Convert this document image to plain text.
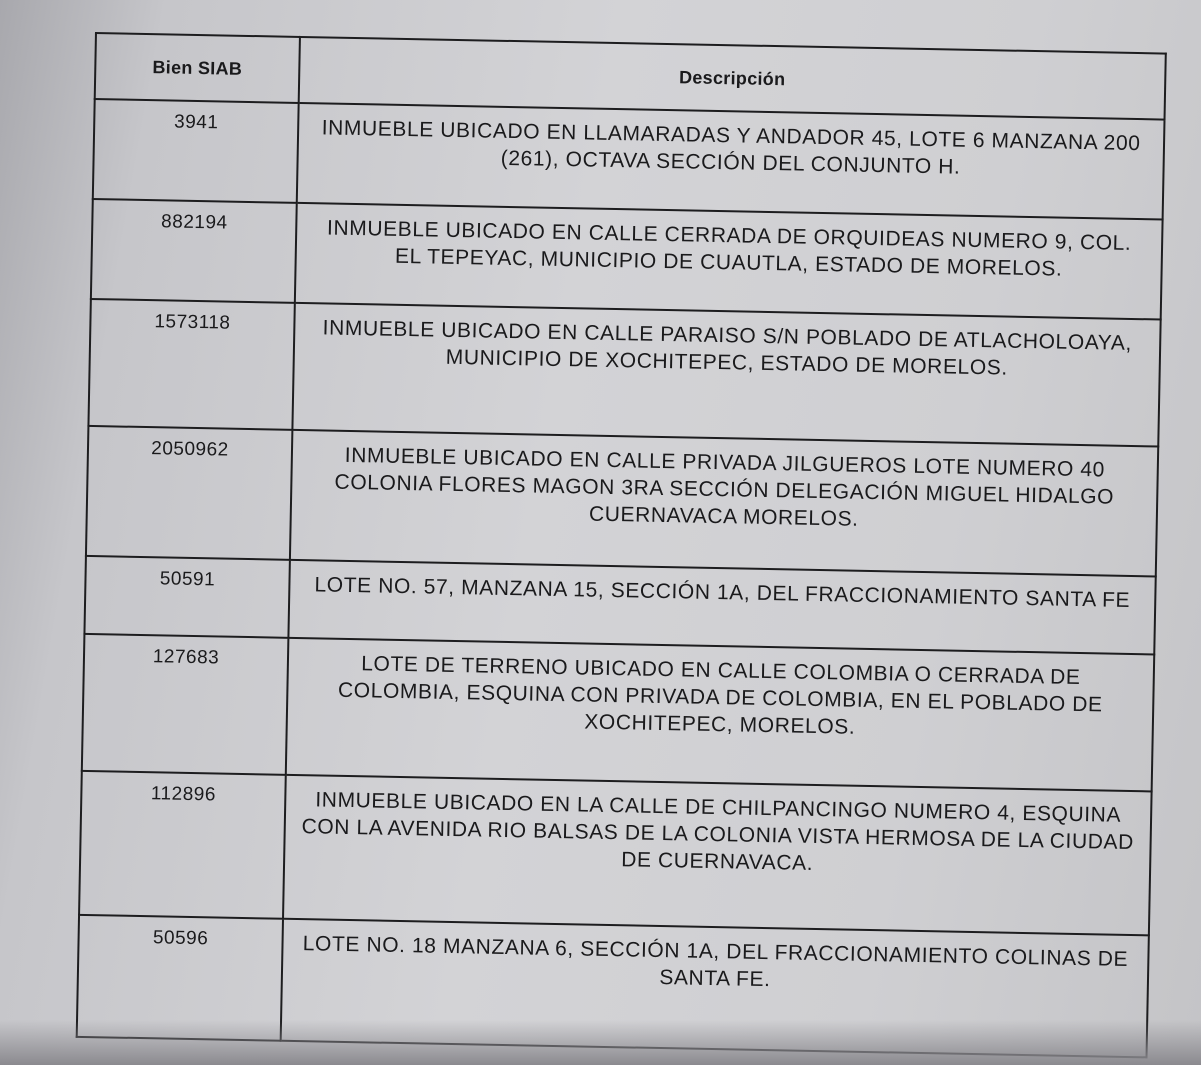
Bien SIAB	Descripción
3941	INMUEBLE UBICADO EN LLAMARADAS Y ANDADOR 45, LOTE 6 MANZANA 200 (261), OCTAVA SECCIÓN DEL CONJUNTO H.
882194	INMUEBLE UBICADO EN CALLE CERRADA DE ORQUIDEAS NUMERO 9, COL. EL TEPEYAC, MUNICIPIO DE CUAUTLA, ESTADO DE MORELOS.
1573118	INMUEBLE UBICADO EN CALLE PARAISO S/N POBLADO DE ATLACHOLOAYA, MUNICIPIO DE XOCHITEPEC, ESTADO DE MORELOS.
2050962	INMUEBLE UBICADO EN CALLE PRIVADA JILGUEROS LOTE NUMERO 40 COLONIA FLORES MAGON 3RA SECCIÓN DELEGACIÓN MIGUEL HIDALGO CUERNAVACA MORELOS.
50591	LOTE NO. 57, MANZANA 15, SECCIÓN 1A, DEL FRACCIONAMIENTO SANTA FE
127683	LOTE DE TERRENO UBICADO EN CALLE COLOMBIA O CERRADA DE COLOMBIA, ESQUINA CON PRIVADA DE COLOMBIA, EN EL POBLADO DE XOCHITEPEC, MORELOS.
112896	INMUEBLE UBICADO EN LA CALLE DE CHILPANCINGO NUMERO 4, ESQUINA CON LA AVENIDA RIO BALSAS DE LA COLONIA VISTA HERMOSA DE LA CIUDAD DE CUERNAVACA.
50596	LOTE NO. 18 MANZANA 6, SECCIÓN 1A, DEL FRACCIONAMIENTO COLINAS DE SANTA FE.
